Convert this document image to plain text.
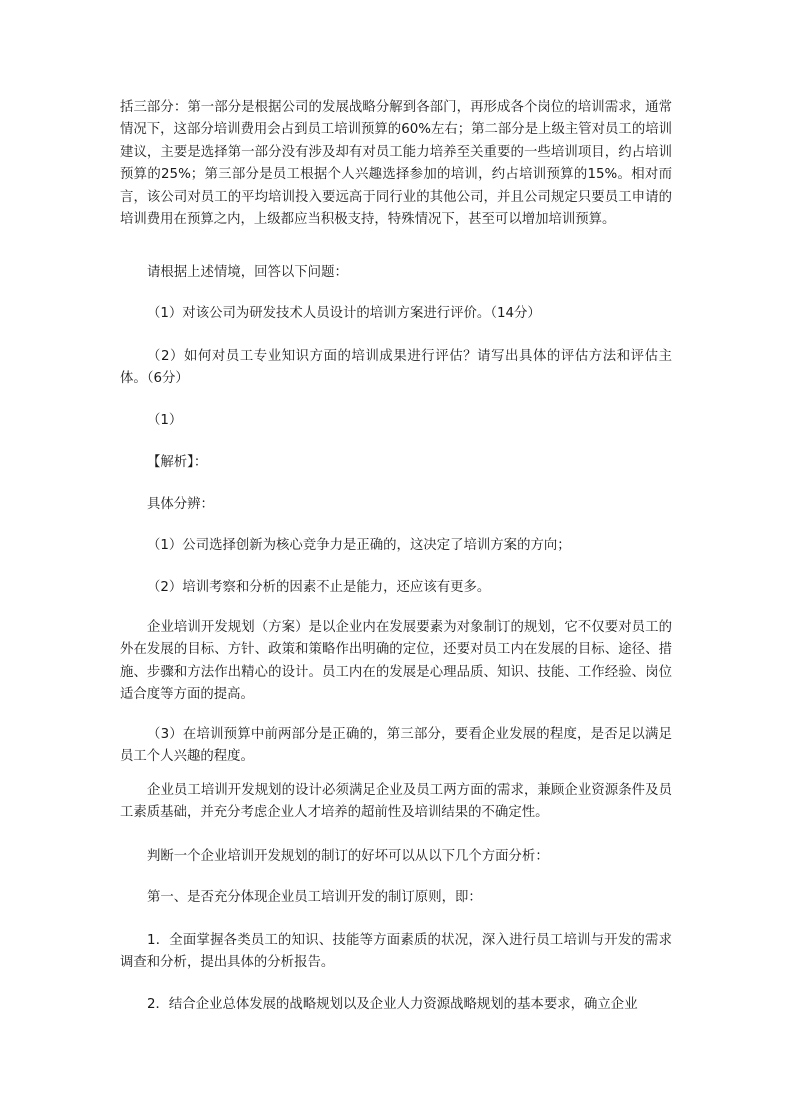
括三部分：第一部分是根据公司的发展战略分解到各部门，再形成各个岗位的培训需求，通常情况下，这部分培训费用会占到员工培训预算的60%左右；第二部分是上级主管对员工的培训建议，主要是选择第一部分没有涉及却有对员工能力培养至关重要的一些培训项目，约占培训预算的25%；第三部分是员工根据个人兴趣选择参加的培训，约占培训预算的15%。相对而言，该公司对员工的平均培训投入要远高于同行业的其他公司，并且公司规定只要员工申请的培训费用在预算之内，上级都应当积极支持，特殊情况下，甚至可以增加培训预算。

请根据上述情境，回答以下问题：

（1）对该公司为研发技术人员设计的培训方案进行评价。（14分）

（2）如何对员工专业知识方面的培训成果进行评估？请写出具体的评估方法和评估主体。（6分）

（1）

【解析】：

具体分辨：

（1）公司选择创新为核心竞争力是正确的，这决定了培训方案的方向；

（2）培训考察和分析的因素不止是能力，还应该有更多。

企业培训开发规划（方案）是以企业内在发展要素为对象制订的规划，它不仅要对员工的外在发展的目标、方针、政策和策略作出明确的定位，还要对员工内在发展的目标、途径、措施、步骤和方法作出精心的设计。员工内在的发展是心理品质、知识、技能、工作经验、岗位适合度等方面的提高。

（3）在培训预算中前两部分是正确的，第三部分，要看企业发展的程度，是否足以满足员工个人兴趣的程度。

企业员工培训开发规划的设计必须满足企业及员工两方面的需求，兼顾企业资源条件及员工素质基础，并充分考虑企业人才培养的超前性及培训结果的不确定性。

判断一个企业培训开发规划的制订的好坏可以从以下几个方面分析：

第一、是否充分体现企业员工培训开发的制订原则，即：

1．全面掌握各类员工的知识、技能等方面素质的状况，深入进行员工培训与开发的需求调查和分析，提出具体的分析报告。

2．结合企业总体发展的战略规划以及企业人力资源战略规划的基本要求，确立企业
